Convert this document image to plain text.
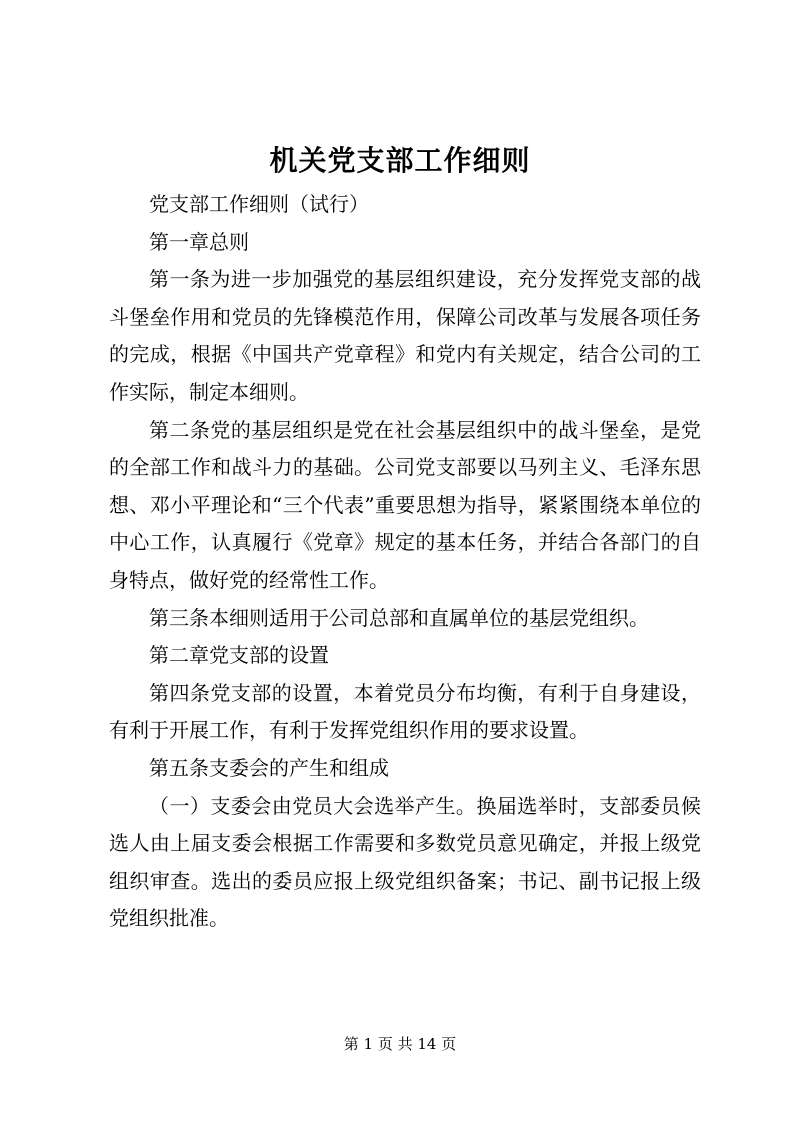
机关党支部工作细则

党支部工作细则（试行）

第一章总则

第一条为进一步加强党的基层组织建设，充分发挥党支部的战斗堡垒作用和党员的先锋模范作用，保障公司改革与发展各项任务的完成，根据《中国共产党章程》和党内有关规定，结合公司的工作实际，制定本细则。

第二条党的基层组织是党在社会基层组织中的战斗堡垒，是党的全部工作和战斗力的基础。公司党支部要以马列主义、毛泽东思想、邓小平理论和“三个代表”重要思想为指导，紧紧围绕本单位的中心工作，认真履行《党章》规定的基本任务，并结合各部门的自身特点，做好党的经常性工作。

第三条本细则适用于公司总部和直属单位的基层党组织。

第二章党支部的设置

第四条党支部的设置，本着党员分布均衡，有利于自身建设，有利于开展工作，有利于发挥党组织作用的要求设置。

第五条支委会的产生和组成

（一）支委会由党员大会选举产生。换届选举时，支部委员候选人由上届支委会根据工作需要和多数党员意见确定，并报上级党组织审查。选出的委员应报上级党组织备案；书记、副书记报上级党组织批准。

第 1 页 共 14 页
